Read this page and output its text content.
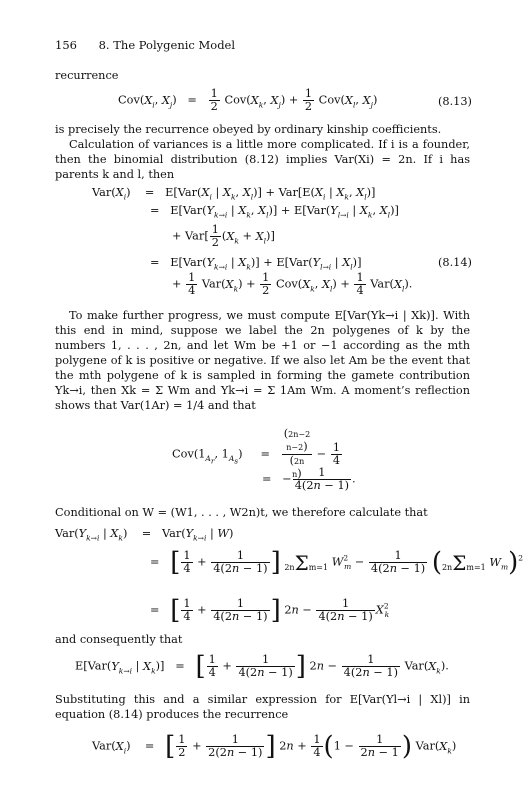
156 8. The Polygenic Model
recurrence
$Cov(X_i$, $X_j) = \frac{1}{2} Cov(X_k$, $X_j) + \frac{1}{2} Cov(X_l$, $X_j$)	(8.13)
is precisely the recurrence obeyed by ordinary kinship coefficients.
Calculation of variances is a little more complicated. If i is a founder, then the binomial distribution (8.12) implies Var(Xi) = 2n. If i has parents k and l, then
$Var(X_i)$    =   $E[Var(X_i$ | $X_k$, $X_l)] + Var[E(X_i$ | $X_k$, $X_l$)]
=   $E[Var(Y_{k\to i}$ | $X_k$, $X_l)] + E[Var(Y_{l\to i}$ | $X_k$, $X_l$)]
+ $Var[ \frac{1}{2} (X_k + X_l)]$
=   $E[Var(Y_{k\to i}$ | $X_k)] + E[Var(Y_{l\to i}$ | $X_l$)]	(8.14)
+ $\frac{1}{4} Var(X_k) + \frac{1}{2} Cov(X_k$, $X_l) + \frac{1}{4} Var(X_l)$.
To make further progress, we must compute E[Var(Yk→i | Xk)]. With this end in mind, suppose we label the 2n polygenes of k by the numbers 1, . . . , 2n, and let Wm be +1 or −1 according as the mth polygene of k is positive or negative. If we also let Am be the event that the mth polygene of k is sampled in forming the gamete contribution Yk→i, then Xk = Σ Wm and Yk→i = Σ 1Am Wm. A moment’s reflection shows that Var(1Ar) = 1/4 and that
$Cov(1_{A_r}$, $1_{A_s}$)     =
(2n−2
n−2)
(2n
n)
− $\frac{1}{4}$
=   − $\frac{1}{4(2n - 1)}$ .
Conditional on W = (W1, . . . , W2n)t, we therefore calculate that
$Var(Y_{k\to i}$ | $X_k$)    =   $Var(Y_{k\to i}$ | W)
=   [ $\frac{1}{4} + \frac{1}{4(2n - 1)}$ ] 2nΣm=1 $W^2_m - \frac{1}{4(2n - 1)} (2n\Sigma m=1$ $W_m)^2$
=   [ $\frac{1}{4} + \frac{1}{4(2n - 1)}$ ] $2n - \frac{1}{4(2n - 1)} X^2_k$
and consequently that
$E[Var(Y_{k\to i}$ | $X_k$)]   =   [ $\frac{1}{4} + \frac{1}{4(2n - 1)}$ ] $2n - \frac{1}{4(2n - 1)} Var(X_k)$.
Substituting this and a similar expression for E[Var(Yl→i | Xl)] in equation (8.14) produces the recurrence
$Var(X_i)$    =   [ $\frac{1}{2} + \frac{1}{2(2n - 1)}$ ] $2n + \frac{1}{4} (1 - \frac{1}{2n - 1}$ ) $Var(X_k)$
